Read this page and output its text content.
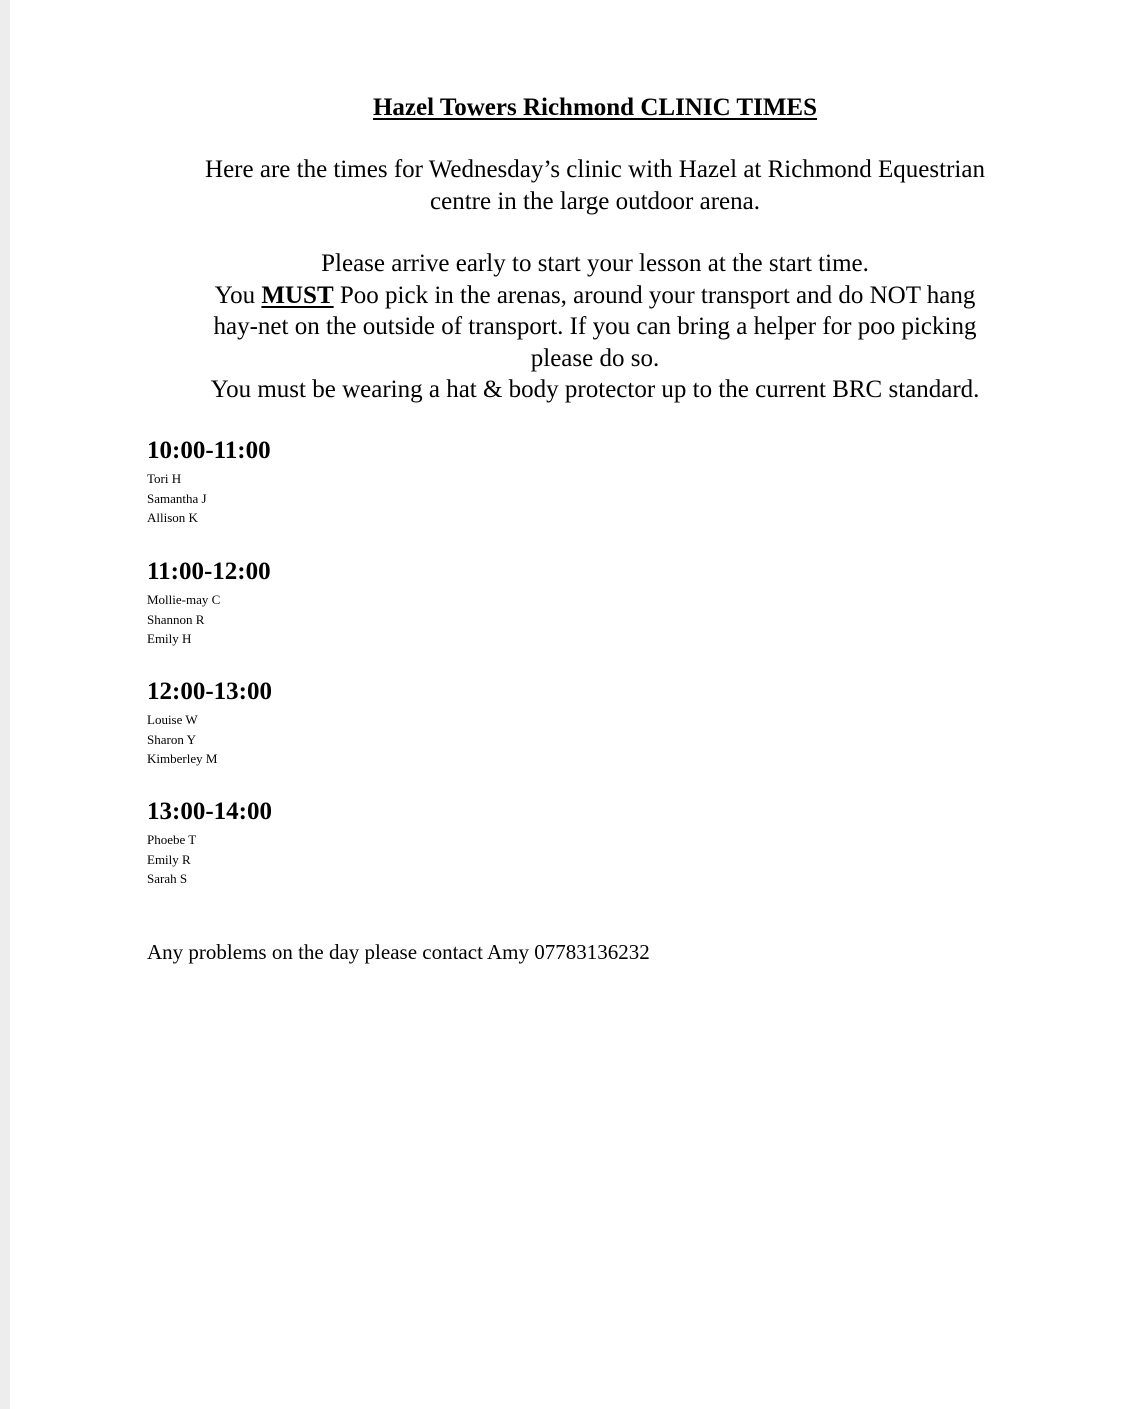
Hazel Towers Richmond CLINIC TIMES
Here are the times for Wednesday’s clinic with Hazel at Richmond Equestrian
centre in the large outdoor arena.
Please arrive early to start your lesson at the start time.
You MUST Poo pick in the arenas, around your transport and do NOT hang
hay-net on the outside of transport. If you can bring a helper for poo picking
please do so.
You must be wearing a hat & body protector up to the current BRC standard.
10:00-11:00
Tori H
Samantha J
Allison K
11:00-12:00
Mollie-may C
Shannon R
Emily H
12:00-13:00
Louise W
Sharon Y
Kimberley M
13:00-14:00
Phoebe T
Emily R
Sarah S
Any problems on the day please contact Amy 07783136232
